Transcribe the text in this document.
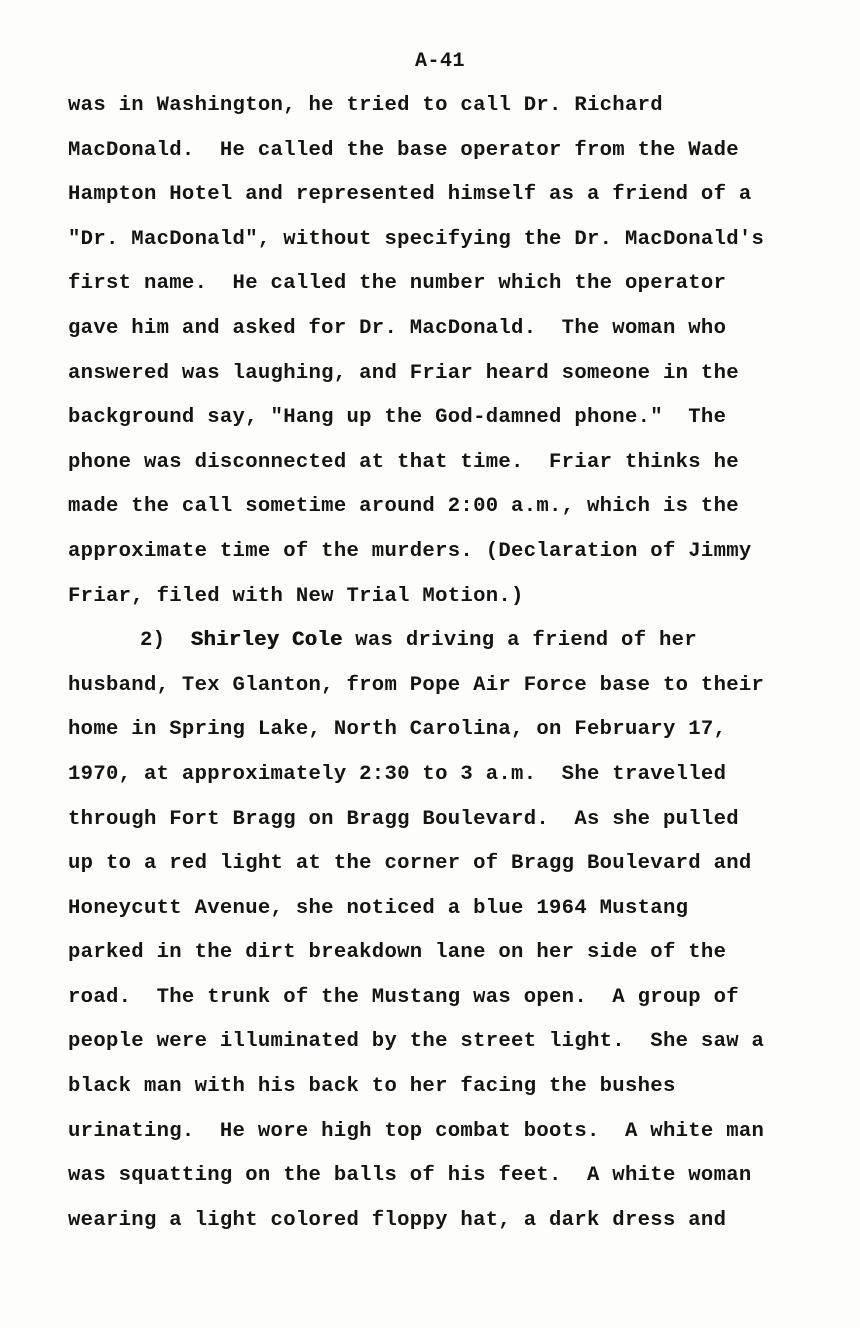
A-41
was in Washington, he tried to call Dr. Richard
MacDonald.  He called the base operator from the Wade
Hampton Hotel and represented himself as a friend of a
"Dr. MacDonald", without specifying the Dr. MacDonald's
first name.  He called the number which the operator
gave him and asked for Dr. MacDonald.  The woman who
answered was laughing, and Friar heard someone in the
background say, "Hang up the God-damned phone."  The
phone was disconnected at that time.  Friar thinks he
made the call sometime around 2:00 a.m., which is the
approximate time of the murders. (Declaration of Jimmy
Friar, filed with New Trial Motion.)
2) Shirley Cole was driving a friend of her
husband, Tex Glanton, from Pope Air Force base to their
home in Spring Lake, North Carolina, on February 17,
1970, at approximately 2:30 to 3 a.m.  She travelled
through Fort Bragg on Bragg Boulevard.  As she pulled
up to a red light at the corner of Bragg Boulevard and
Honeycutt Avenue, she noticed a blue 1964 Mustang
parked in the dirt breakdown lane on her side of the
road.  The trunk of the Mustang was open.  A group of
people were illuminated by the street light.  She saw a
black man with his back to her facing the bushes
urinating.  He wore high top combat boots.  A white man
was squatting on the balls of his feet.  A white woman
wearing a light colored floppy hat, a dark dress and
